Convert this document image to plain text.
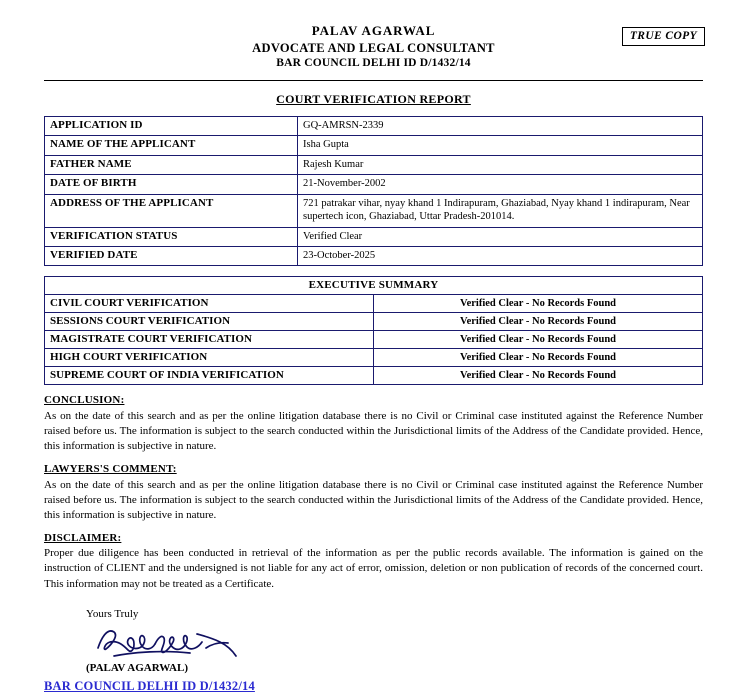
TRUE COPY
PALAV AGARWAL
ADVOCATE AND LEGAL CONSULTANT
BAR COUNCIL DELHI ID D/1432/14
COURT VERIFICATION REPORT
APPLICATION ID	GQ-AMRSN-2339
NAME OF THE APPLICANT	Isha Gupta
FATHER NAME	Rajesh Kumar
DATE OF BIRTH	21-November-2002
ADDRESS OF THE APPLICANT	721 patrakar vihar, nyay khand 1 Indirapuram, Ghaziabad, Nyay khand 1 indirapuram, Near supertech icon, Ghaziabad, Uttar Pradesh-201014.
VERIFICATION STATUS	Verified Clear
VERIFIED DATE	23-October-2025
EXECUTIVE SUMMARY	
CIVIL COURT VERIFICATION	Verified Clear - No Records Found
SESSIONS COURT VERIFICATION	Verified Clear - No Records Found
MAGISTRATE COURT VERIFICATION	Verified Clear - No Records Found
HIGH COURT VERIFICATION	Verified Clear - No Records Found
SUPREME COURT OF INDIA VERIFICATION	Verified Clear - No Records Found
CONCLUSION:
As on the date of this search and as per the online litigation database there is no Civil or Criminal case instituted against the Reference Number raised before us. The information is subject to the search conducted within the Jurisdictional limits of the Address of the Candidate provided. Hence, this information is subjective in nature.
LAWYERS'S COMMENT:
As on the date of this search and as per the online litigation database there is no Civil or Criminal case instituted against the Reference Number raised before us. The information is subject to the search conducted within the Jurisdictional limits of the Address of the Candidate provided. Hence, this information is subjective in nature.
DISCLAIMER:
Proper due diligence has been conducted in retrieval of the information as per the public records available. The information is gained on the instruction of CLIENT and the undersigned is not liable for any act of error, omission, deletion or non publication of records of the concerned court. This information may not be treated as a Certificate.
Yours Truly
(PALAV AGARWAL)
BAR COUNCIL DELHI ID D/1432/14
